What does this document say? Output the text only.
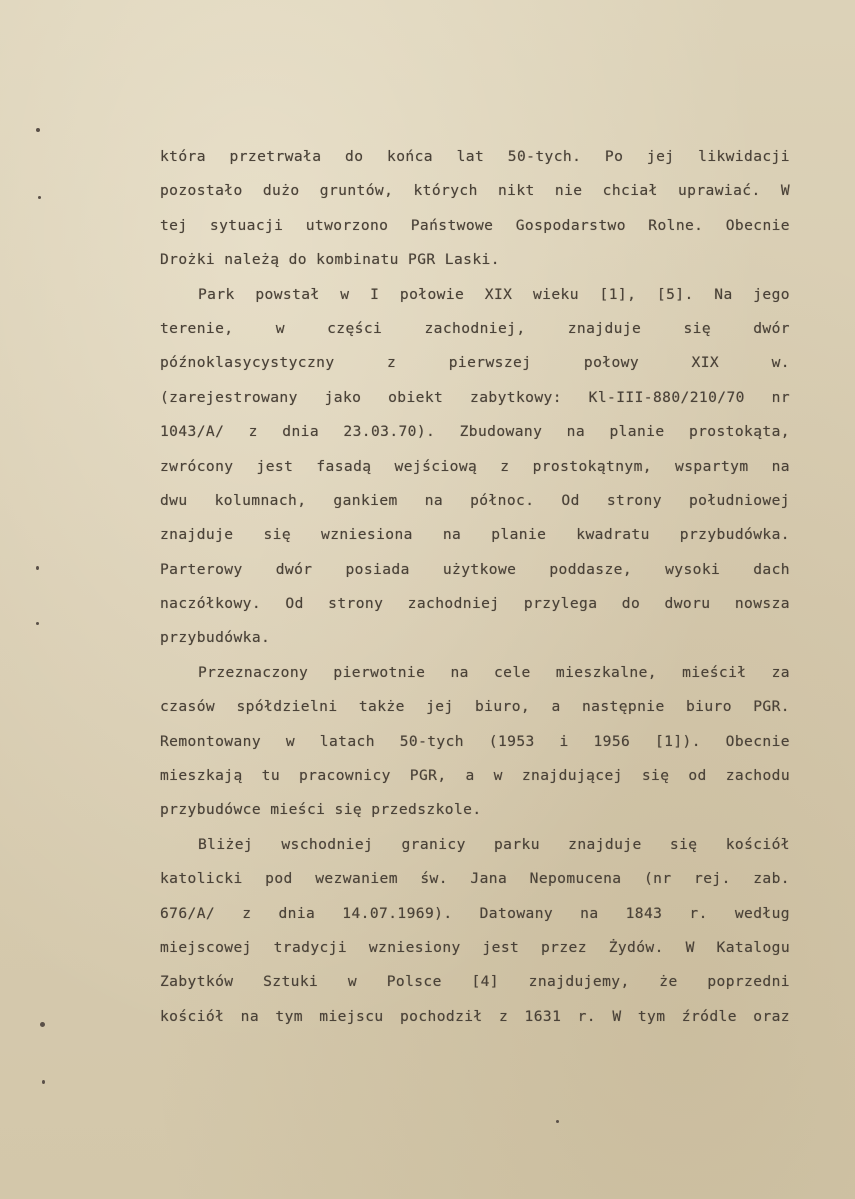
która przetrwała do końca lat 50-tych. Po jej likwidacji
pozostało dużo gruntów, których nikt nie chciał uprawiać. W
tej sytuacji utworzono Państwowe Gospodarstwo Rolne. Obecnie
Drożki należą do kombinatu PGR Laski.
Park powstał w I połowie XIX wieku [1], [5]. Na jego
terenie, w części zachodniej, znajduje się dwór
późnoklasycystyczny z pierwszej połowy XIX w.
(zarejestrowany jako obiekt zabytkowy: Kl-III-880/210/70 nr
1043/A/ z dnia 23.03.70). Zbudowany na planie prostokąta,
zwrócony jest fasadą wejściową z prostokątnym, wspartym na
dwu kolumnach, gankiem na północ. Od strony południowej
znajduje się wzniesiona na planie kwadratu przybudówka.
Parterowy dwór posiada użytkowe poddasze, wysoki dach
naczółkowy. Od strony zachodniej przylega do dworu nowsza
przybudówka.
Przeznaczony pierwotnie na cele mieszkalne, mieścił za
czasów spółdzielni także jej biuro, a następnie biuro PGR.
Remontowany w latach 50-tych (1953 i 1956 [1]). Obecnie
mieszkają tu pracownicy PGR, a w znajdującej się od zachodu
przybudówce mieści się przedszkole.
Bliżej wschodniej granicy parku znajduje się kościół
katolicki pod wezwaniem św. Jana Nepomucena (nr rej. zab.
676/A/ z dnia 14.07.1969). Datowany na 1843 r. według
miejscowej tradycji wzniesiony jest przez Żydów. W Katalogu
Zabytków Sztuki w Polsce [4] znajdujemy, że poprzedni
kościół na tym miejscu pochodził z 1631 r. W tym źródle oraz
